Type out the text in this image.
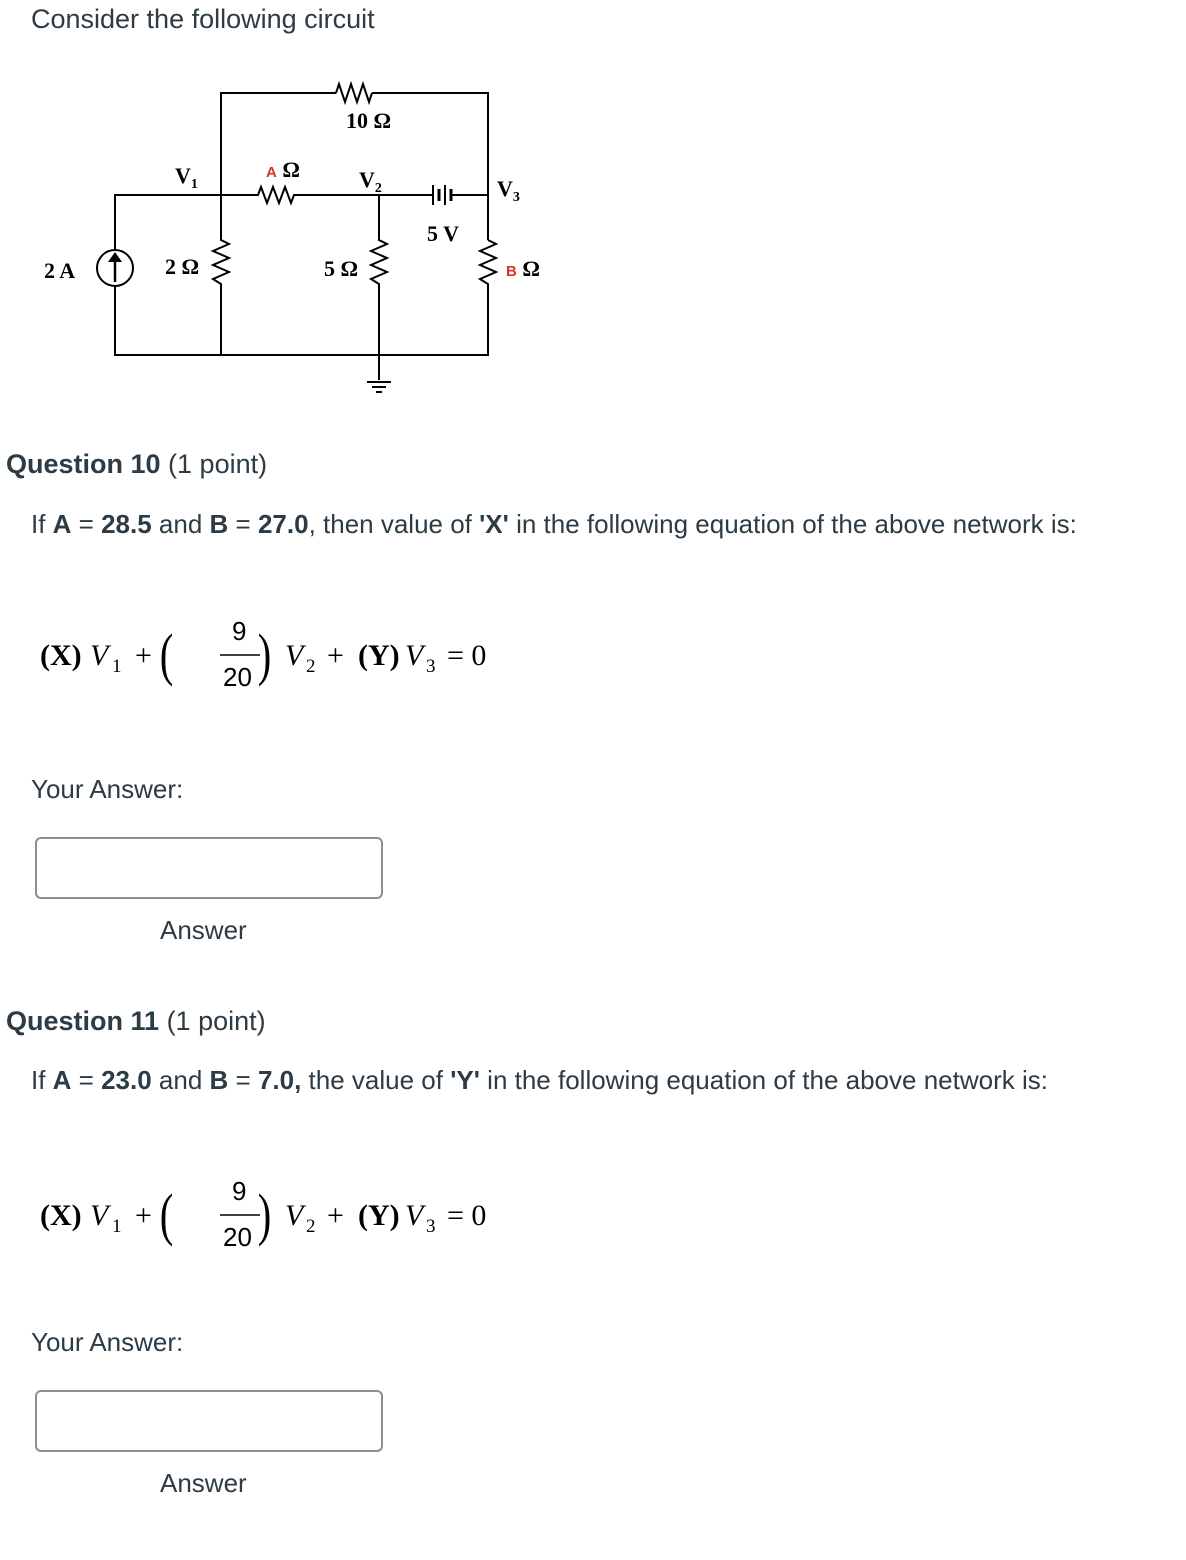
Consider the following circuit
10 Ω
$V_1$	$V_2$	$V_3$
5 V
2 A	2 Ω	5 Ω
A Ω
B Ω
Question 10 (1 point)
If A = 28.5 and B = 27.0, then value of 'X' in the following equation of the above network is:
(X) V 1 + ( 9
20 ) V 2 + (Y) V 3 = 0
Your Answer:
Answer
Question 11 (1 point)
If A = 23.0 and B = 7.0, the value of 'Y' in the following equation of the above network is:
(X) V 1 + ( 9
20 ) V 2 + (Y) V 3 = 0
Your Answer:
Answer
